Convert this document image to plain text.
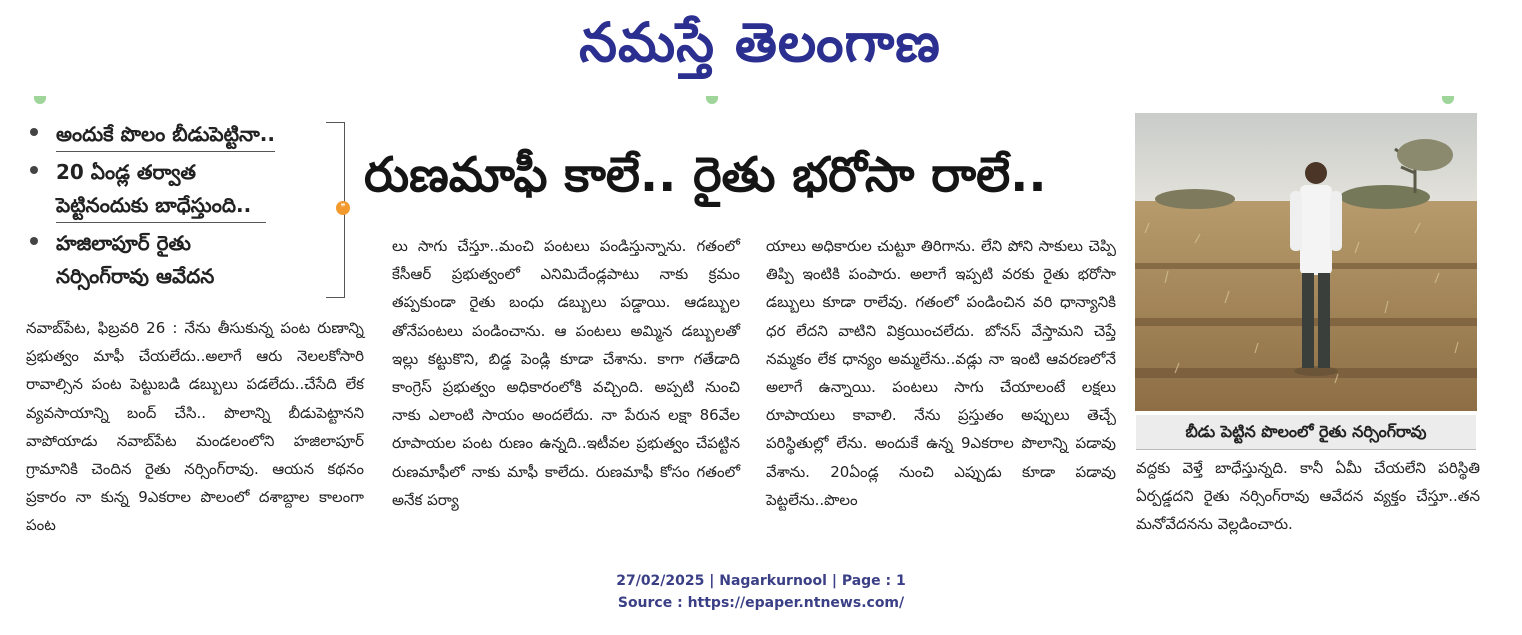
నమస్తే తెలంగాణ
అందుకే పొలం బీడుపెట్టినా..
20 ఏండ్ల తర్వాత పెట్టినందుకు బాధేస్తుంది..
హజిలాపూర్ రైతు నర్సింగ్‌రావు ఆవేదన
❞
రుణమాఫీ కాలే.. రైతు భరోసా రాలే..

నవాబ్‌పేట, ఫిబ్రవరి 26 : నేను తీసుకున్న పంట రుణాన్ని ప్రభుత్వం మాఫీ చేయలేదు..అలాగే ఆరు నెలలకోసారి రావాల్సిన పంట పెట్టుబడి డబ్బులు పడలేదు..చేసేది లేక వ్యవసాయాన్ని బంద్ చేసి.. పొలాన్ని బీడుపెట్టానని వాపోయాడు నవాబ్‌పేట మండలంలోని హజిలాపూర్ గ్రామానికి చెందిన రైతు నర్సింగ్‌రావు. ఆయన కథనం ప్రకారం నా కున్న 9ఎకరాల పొలంలో దశాబ్దాల కాలంగా పంట

లు సాగు చేస్తూ..మంచి పంటలు పండిస్తున్నాను. గతంలో కేసీఆర్ ప్రభుత్వంలో ఎనిమిదేండ్లపాటు నాకు క్రమం తప్పకుండా రైతు బంధు డబ్బులు పడ్డాయి. ఆడబ్బుల తోనేపంటలు పండించాను. ఆ పంటలు అమ్మిన డబ్బులతో ఇల్లు కట్టుకొని, బిడ్డ పెండ్లి కూడా చేశాను. కాగా గతేడాది కాంగ్రెస్ ప్రభుత్వం అధికారంలోకి వచ్చింది. అప్పటి నుంచి నాకు ఎలాంటి సాయం అందలేదు. నా పేరున లక్షా 86వేల రూపాయల పంట రుణం ఉన్నది..ఇటీవల ప్రభుత్వం చేపట్టిన రుణమాఫీలో నాకు మాఫీ కాలేదు. రుణమాఫీ కోసం గతంలో అనేక పర్యా

యాలు అధికారుల చుట్టూ తిరిగాను. లేని పోని సాకులు చెప్పి తిప్పి ఇంటికి పంపారు. అలాగే ఇప్పటి వరకు రైతు భరోసా డబ్బులు కూడా రాలేవు. గతంలో పండించిన వరి ధాన్యానికి ధర లేదని వాటిని విక్రయించలేదు. బోనస్ వేస్తామని చెప్తే నమ్మకం లేక ధాన్యం అమ్మలేను..వడ్లు నా ఇంటి ఆవరణలోనే అలాగే ఉన్నాయి. పంటలు సాగు చేయాలంటే లక్షలు రూపాయలు కావాలి. నేను ప్రస్తుతం అప్పులు తెచ్చే పరిస్థితుల్లో లేను. అందుకే ఉన్న 9ఎకరాల పొలాన్ని పడావు వేశాను. 20ఏండ్ల నుంచి ఎప్పుడు కూడా పడావు పెట్టలేను..పొలం

బీడు పెట్టిన పొలంలో రైతు నర్సింగ్‌రావు

వద్దకు వెళ్తే బాధేస్తున్నది. కానీ ఏమీ చేయలేని పరిస్థితి ఏర్పడ్డదని రైతు నర్సింగ్‌రావు ఆవేదన వ్యక్తం చేస్తూ..తన మనోవేదనను వెల్లడించారు.

27/02/2025 | Nagarkurnool | Page : 1
Source : https://epaper.ntnews.com/
